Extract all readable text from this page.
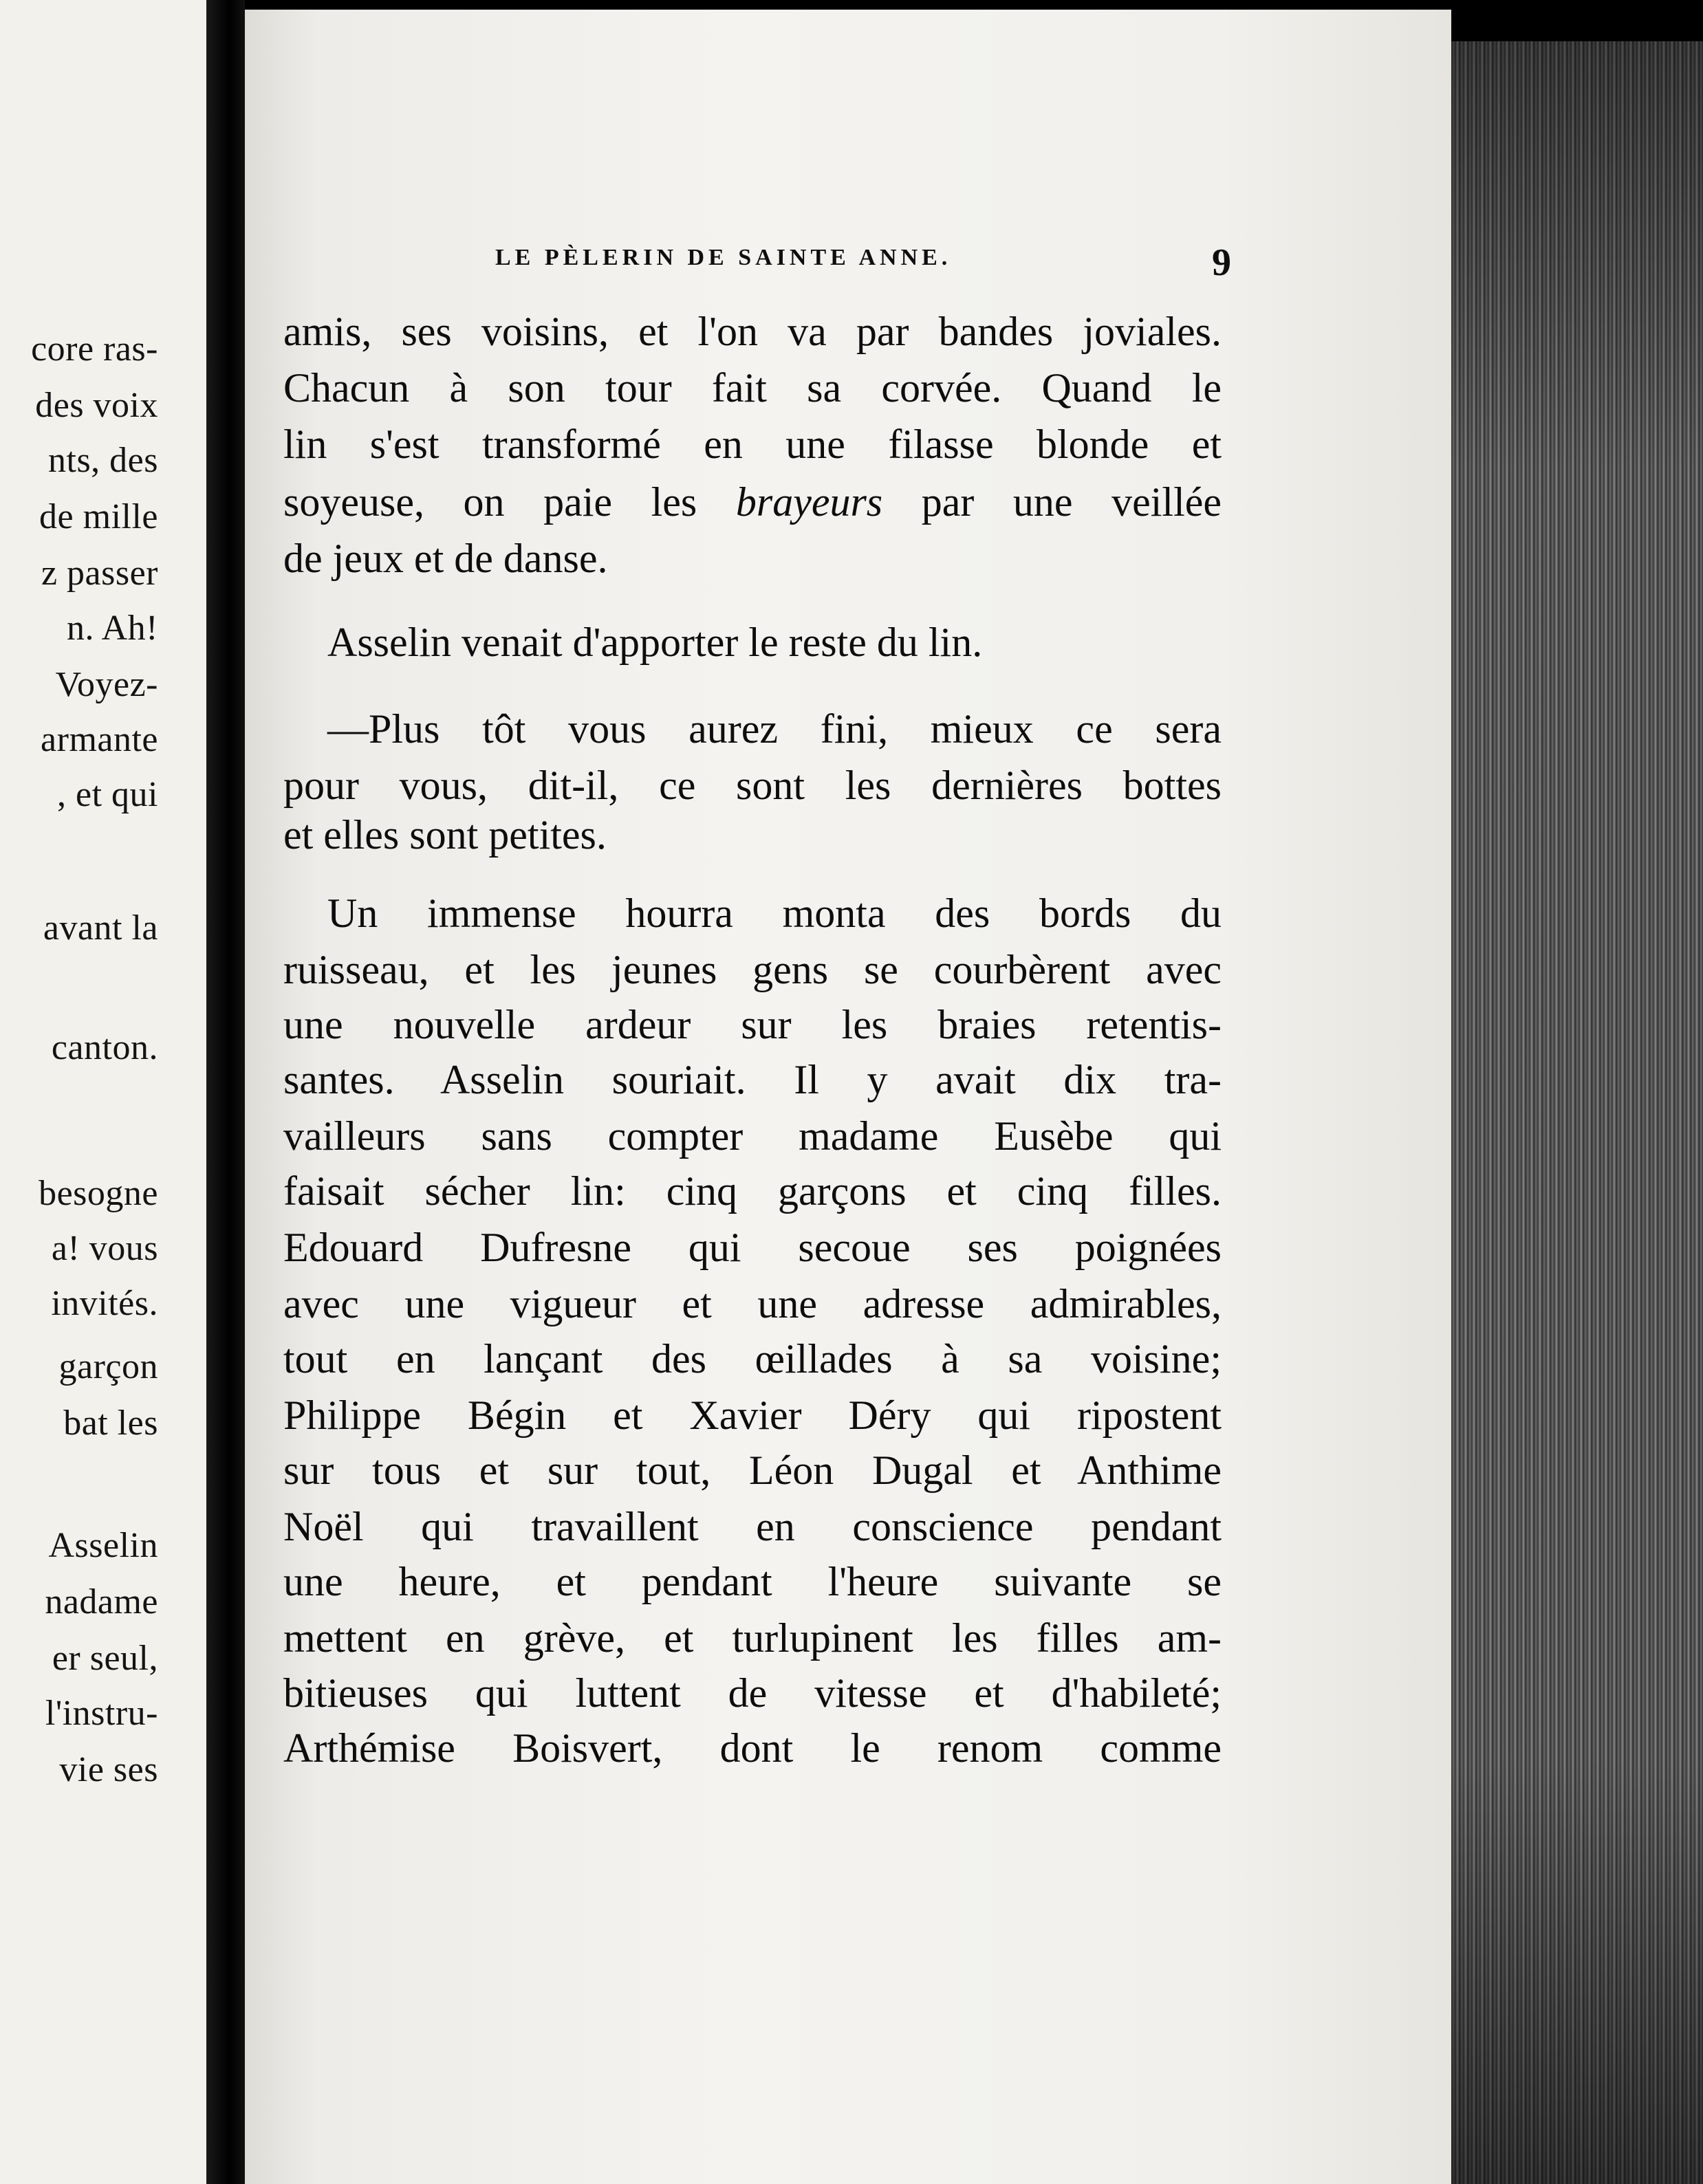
core ras-
des voix
nts, des
de mille
z passer
n. Ah!
Voyez-
armante
, et qui
avant la
canton.
besogne
a! vous
invités.
garçon
bat les
Asselin
nadame
er seul,
l'instru-
vie ses
LE PÈLERIN DE SAINTE ANNE.	9
amis, ses voisins, et l'on va par bandes joviales.
Chacun à son tour fait sa corvée. Quand le
lin s'est transformé en une filasse blonde et
soyeuse, on paie les brayeurs par une veillée
de jeux et de danse.
Asselin venait d'apporter le reste du lin.
—Plus tôt vous aurez fini, mieux ce sera
pour vous, dit-il, ce sont les dernières bottes
et elles sont petites.
Un immense hourra monta des bords du
ruisseau, et les jeunes gens se courbèrent avec
une nouvelle ardeur sur les braies retentis-
santes. Asselin souriait. Il y avait dix tra-
vailleurs sans compter madame Eusèbe qui
faisait sécher lin: cinq garçons et cinq filles.
Edouard Dufresne qui secoue ses poignées
avec une vigueur et une adresse admirables,
tout en lançant des œillades à sa voisine;
Philippe Bégin et Xavier Déry qui ripostent
sur tous et sur tout, Léon Dugal et Anthime
Noël qui travaillent en conscience pendant
une heure, et pendant l'heure suivante se
mettent en grève, et turlupinent les filles am-
bitieuses qui luttent de vitesse et d'habileté;
Arthémise Boisvert, dont le renom comme
